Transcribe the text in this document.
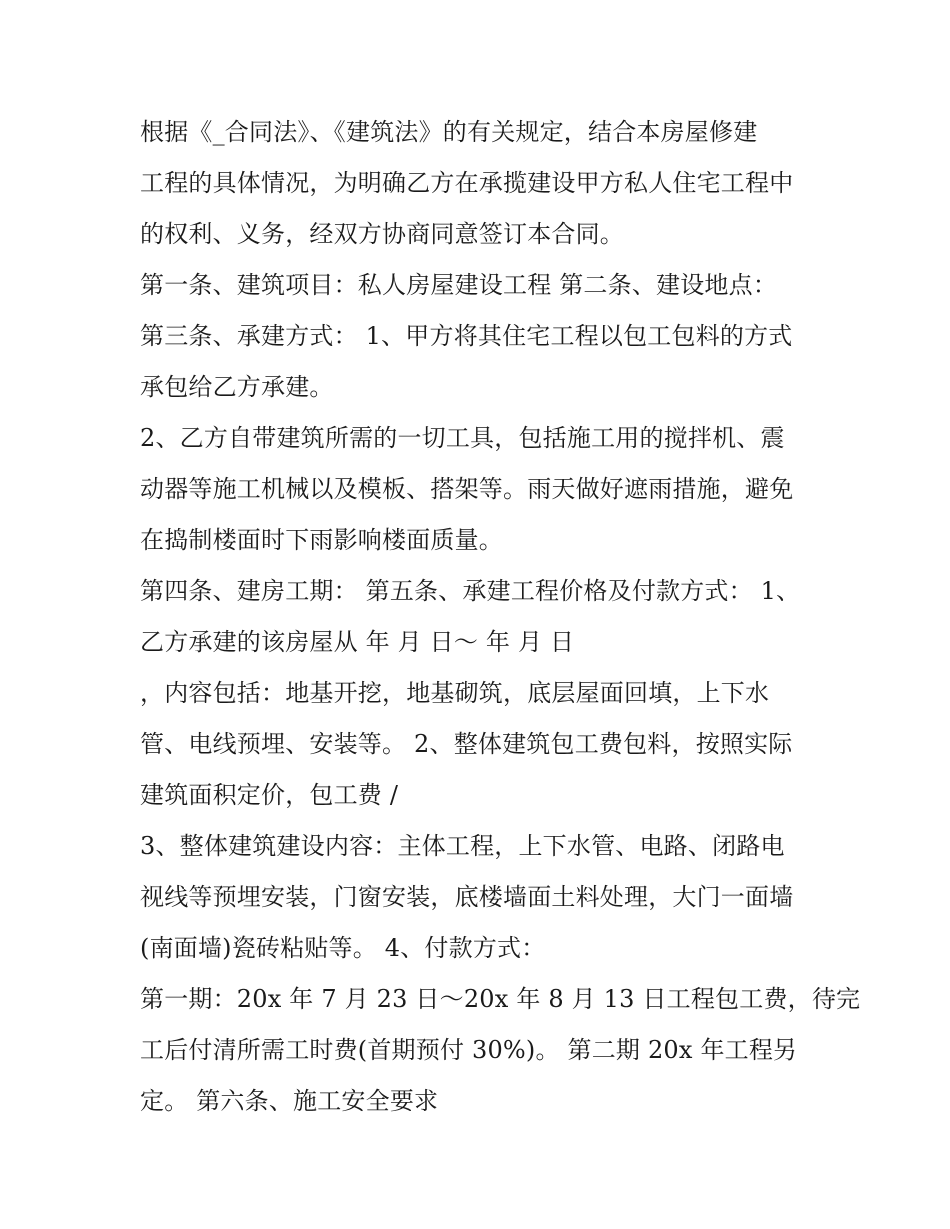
根据《_合同法》、《建筑法》的有关规定，结合本房屋修建
工程的具体情况，为明确乙方在承揽建设甲方私人住宅工程中
的权利、义务，经双方协商同意签订本合同。
第一条、建筑项目：私人房屋建设工程 第二条、建设地点：
第三条、承建方式： 1、甲方将其住宅工程以包工包料的方式
承包给乙方承建。
2、乙方自带建筑所需的一切工具，包括施工用的搅拌机、震
动器等施工机械以及模板、搭架等。雨天做好遮雨措施，避免
在捣制楼面时下雨影响楼面质量。
第四条、建房工期： 第五条、承建工程价格及付款方式： 1、
乙方承建的该房屋从 年 月 日～ 年 月 日
，内容包括：地基开挖，地基砌筑，底层屋面回填，上下水
管、电线预埋、安装等。 2、整体建筑包工费包料，按照实际
建筑面积定价，包工费 /
3、整体建筑建设内容：主体工程，上下水管、电路、闭路电
视线等预埋安装，门窗安装，底楼墙面土料处理，大门一面墙
(南面墙)瓷砖粘贴等。 4、付款方式：
第一期：20x 年 7 月 23 日～20x 年 8 月 13 日工程包工费，待完
工后付清所需工时费(首期预付 30%)。 第二期 20x 年工程另
定。 第六条、施工安全要求
